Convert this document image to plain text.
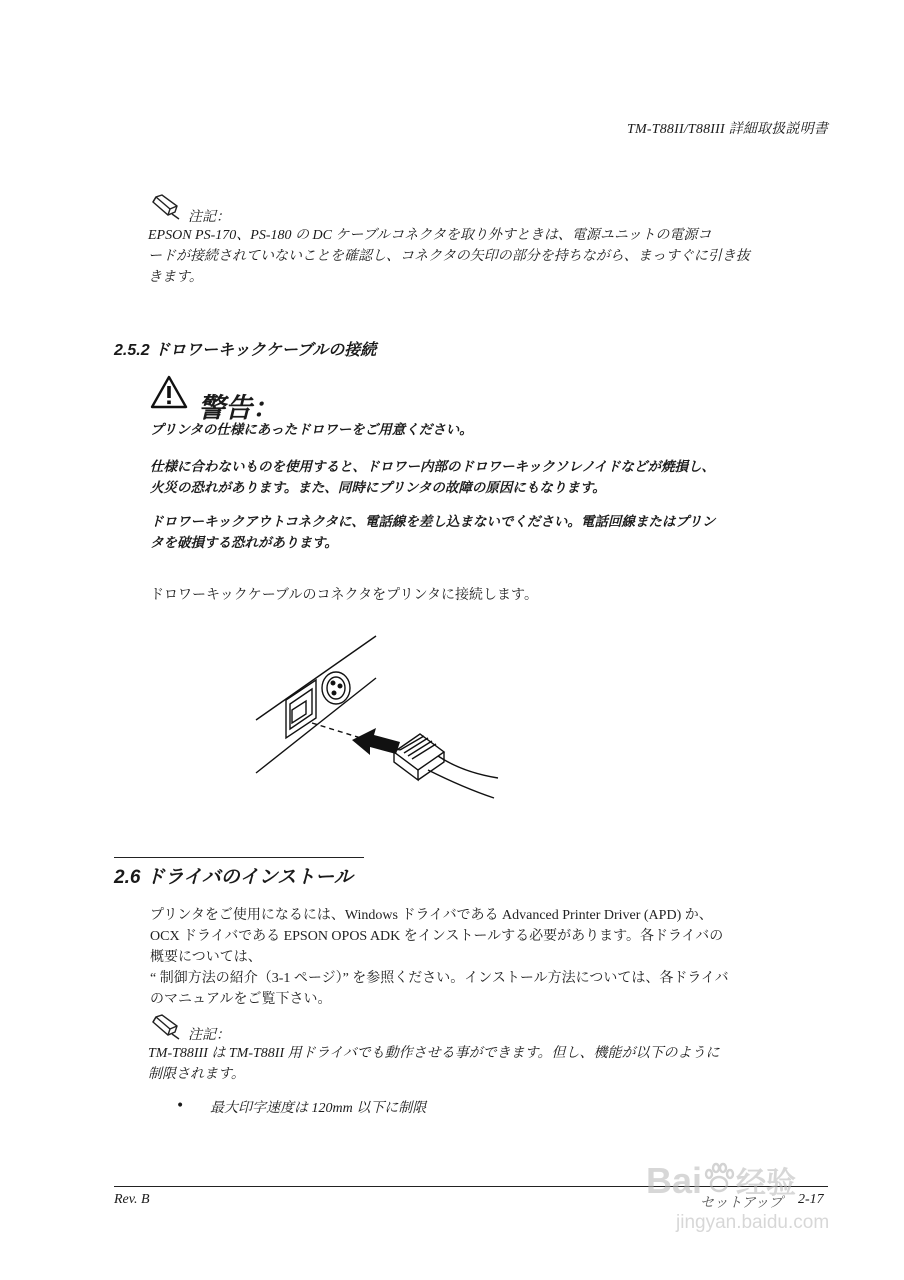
TM-T88II/T88III 詳細取扱説明書
注記：
EPSON PS-170、PS-180 の DC ケーブルコネクタを取り外すときは、電源ユニットの電源コ
ードが接続されていないことを確認し、コネクタの矢印の部分を持ちながら、まっすぐに引き抜
きます。
2.5.2 ドロワーキックケーブルの接続
警告：
プリンタの仕様にあったドロワーをご用意ください。
仕様に合わないものを使用すると、ドロワー内部のドロワーキックソレノイドなどが焼損し、
火災の恐れがあります。また、同時にプリンタの故障の原因にもなります。
ドロワーキックアウトコネクタに、電話線を差し込まないでください。電話回線またはプリン
タを破損する恐れがあります。
ドロワーキックケーブルのコネクタをプリンタに接続します。
2.6 ドライバのインストール
プリンタをご使用になるには、Windows ドライバである Advanced Printer Driver (APD) か、
OCX ドライバである EPSON OPOS ADK をインストールする必要があります。各ドライバの
概要については、
“ 制御方法の紹介（3-1 ページ）” を参照ください。インストール方法については、各ドライバ
のマニュアルをご覧下さい。
注記：
TM-T88III は TM-T88II 用ドライバでも動作させる事ができます。但し、機能が以下のように
制限されます。
• 最大印字速度は 120mm 以下に制限
Rev. B	セットアップ 2-17
Bai 经验
jingyan.baidu.com
